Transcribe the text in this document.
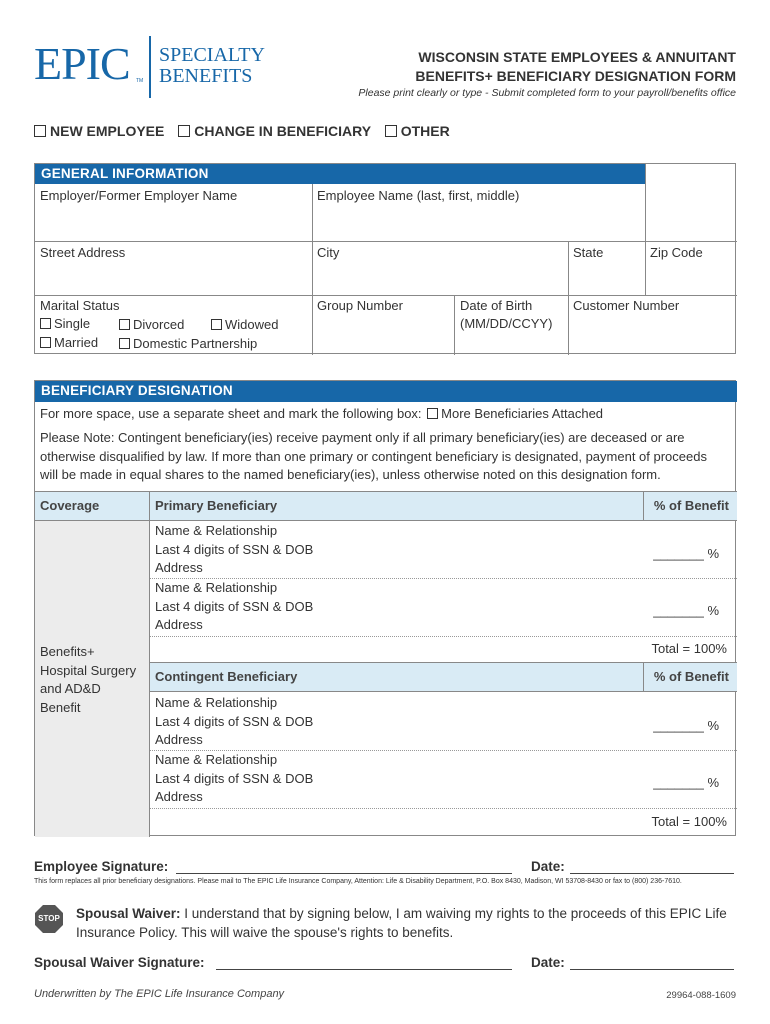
EPIC TM
SPECIALTY
BENEFITS
WISCONSIN STATE EMPLOYEES & ANNUITANT
BENEFITS+ BENEFICIARY DESIGNATION FORM
Please print clearly or type - Submit completed form to your payroll/benefits office
NEW EMPLOYEE CHANGE IN BENEFICIARY OTHER
GENERAL INFORMATION
Employer/Former Employer Name	Employee Name (last, first, middle)
Street Address	City	State	Zip Code
Marital Status
Single	Divorced	Widowed
Married	Domestic Partnership
Group Number	Date of Birth
(MM/DD/CCYY)
Customer Number
BENEFICIARY DESIGNATION
For more space, use a separate sheet and mark the following box: More Beneficiaries Attached
Please Note: Contingent beneficiary(ies) receive payment only if all primary beneficiary(ies) are deceased or are
otherwise disqualified by law. If more than one primary or contingent beneficiary is designated, payment of proceeds
will be made in equal shares to the named beneficiary(ies), unless otherwise noted on this designation form.
Coverage	Primary Beneficiary	% of Benefit
Benefits+
Hospital Surgery
and AD&D
Benefit
Name & Relationship
Last 4 digits of SSN & DOB
Address
_______ %
Name & Relationship
Last 4 digits of SSN & DOB
Address
_______ %
Total = 100%
Contingent Beneficiary	% of Benefit
Name & Relationship
Last 4 digits of SSN & DOB
Address
_______ %
Name & Relationship
Last 4 digits of SSN & DOB
Address
_______ %
Total = 100%
Employee Signature:	Date:
This form replaces all prior beneficiary designations. Please mail to The EPIC Life Insurance Company, Attention: Life & Disability Department, P.O. Box 8430, Madison, WI 53708-8430 or fax to (800) 236-7610.
STOP	Spousal Waiver: I understand that by signing below, I am waiving my rights to the proceeds of this EPIC Life
Insurance Policy. This will waive the spouse's rights to benefits.
Spousal Waiver Signature:	Date:
Underwritten by The EPIC Life Insurance Company	29964-088-1609
